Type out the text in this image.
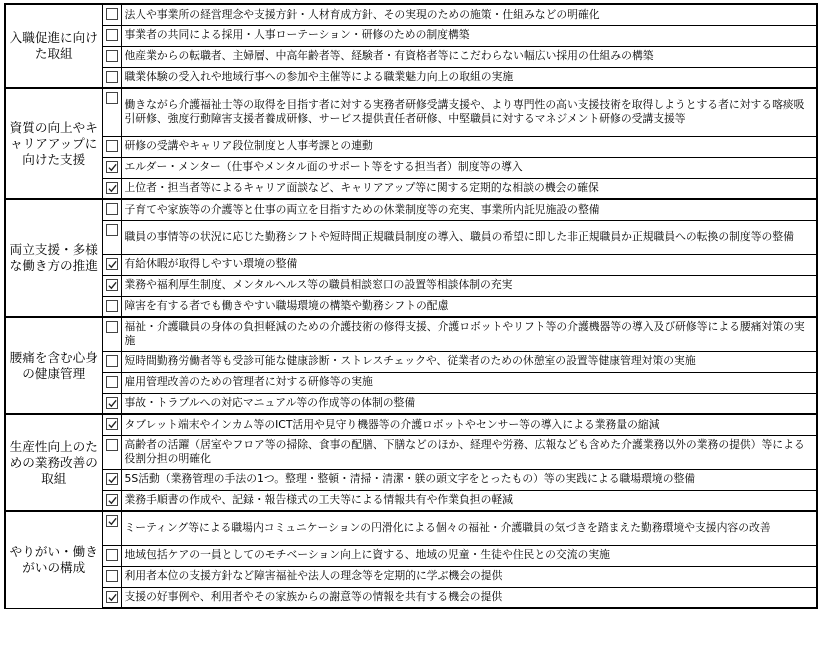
入職促進に向けた取組		法人や事業所の経営理念や支援方針・人材育成方針、その実現のための施策・仕組みなどの明確化
		事業者の共同による採用・人事ローテーション・研修のための制度構築
		他産業からの転職者、主婦層、中高年齢者等、経験者・有資格者等にこだわらない幅広い採用の仕組みの構築
		職業体験の受入れや地域行事への参加や主催等による職業魅力向上の取組の実施

資質の向上やキャリアアップに向けた支援		働きながら介護福祉士等の取得を目指す者に対する実務者研修受講支援や、より専門性の高い支援技術を取得しようとする者に対する喀痰吸引研修、強度行動障害支援者養成研修、サービス提供責任者研修、中堅職員に対するマネジメント研修の受講支援等
		研修の受講やキャリア段位制度と人事考課との連動

	エルダー・メンター（仕事やメンタル面のサポート等をする担当者）制度等の導入

	上位者・担当者等によるキャリア面談など、キャリアアップ等に関する定期的な相談の機会の確保

両立支援・多様な働き方の推進		子育てや家族等の介護等と仕事の両立を目指すための休業制度等の充実、事業所内託児施設の整備
		職員の事情等の状況に応じた勤務シフトや短時間正規職員制度の導入、職員の希望に即した非正規職員か正規職員への転換の制度等の整備

	有給休暇が取得しやすい環境の整備

	業務や福利厚生制度、メンタルヘルス等の職員相談窓口の設置等相談体制の充実
		障害を有する者でも働きやすい職場環境の構築や勤務シフトの配慮

腰痛を含む心身の健康管理		福祉・介護職員の身体の負担軽減のための介護技術の修得支援、介護ロボットやリフト等の介護機器等の導入及び研修等による腰痛対策の実施
		短時間勤務労働者等も受診可能な健康診断・ストレスチェックや、従業者のための休憩室の設置等健康管理対策の実施
		雇用管理改善のための管理者に対する研修等の実施

	事故・トラブルへの対応マニュアル等の作成等の体制の整備

生産性向上のための業務改善の取組		タブレット端末やインカム等のICT活用や見守り機器等の介護ロボットやセンサー等の導入による業務量の縮減
		高齢者の活躍（居室やフロア等の掃除、食事の配膳、下膳などのほか、経理や労務、広報なども含めた介護業務以外の業務の提供）等による役割分担の明確化

	5S活動（業務管理の手法の1つ。整理・整頓・清掃・清潔・躾の頭文字をとったもの）等の実践による職場環境の整備

	業務手順書の作成や、記録・報告様式の工夫等による情報共有や作業負担の軽減

やりがい・働きがいの構成		ミーティング等による職場内コミュニケーションの円滑化による個々の福祉・介護職員の気づきを踏まえた勤務環境や支援内容の改善
		地域包括ケアの一員としてのモチベーション向上に資する、地域の児童・生徒や住民との交流の実施
		利用者本位の支援方針など障害福祉や法人の理念等を定期的に学ぶ機会の提供

	支援の好事例や、利用者やその家族からの謝意等の情報を共有する機会の提供
